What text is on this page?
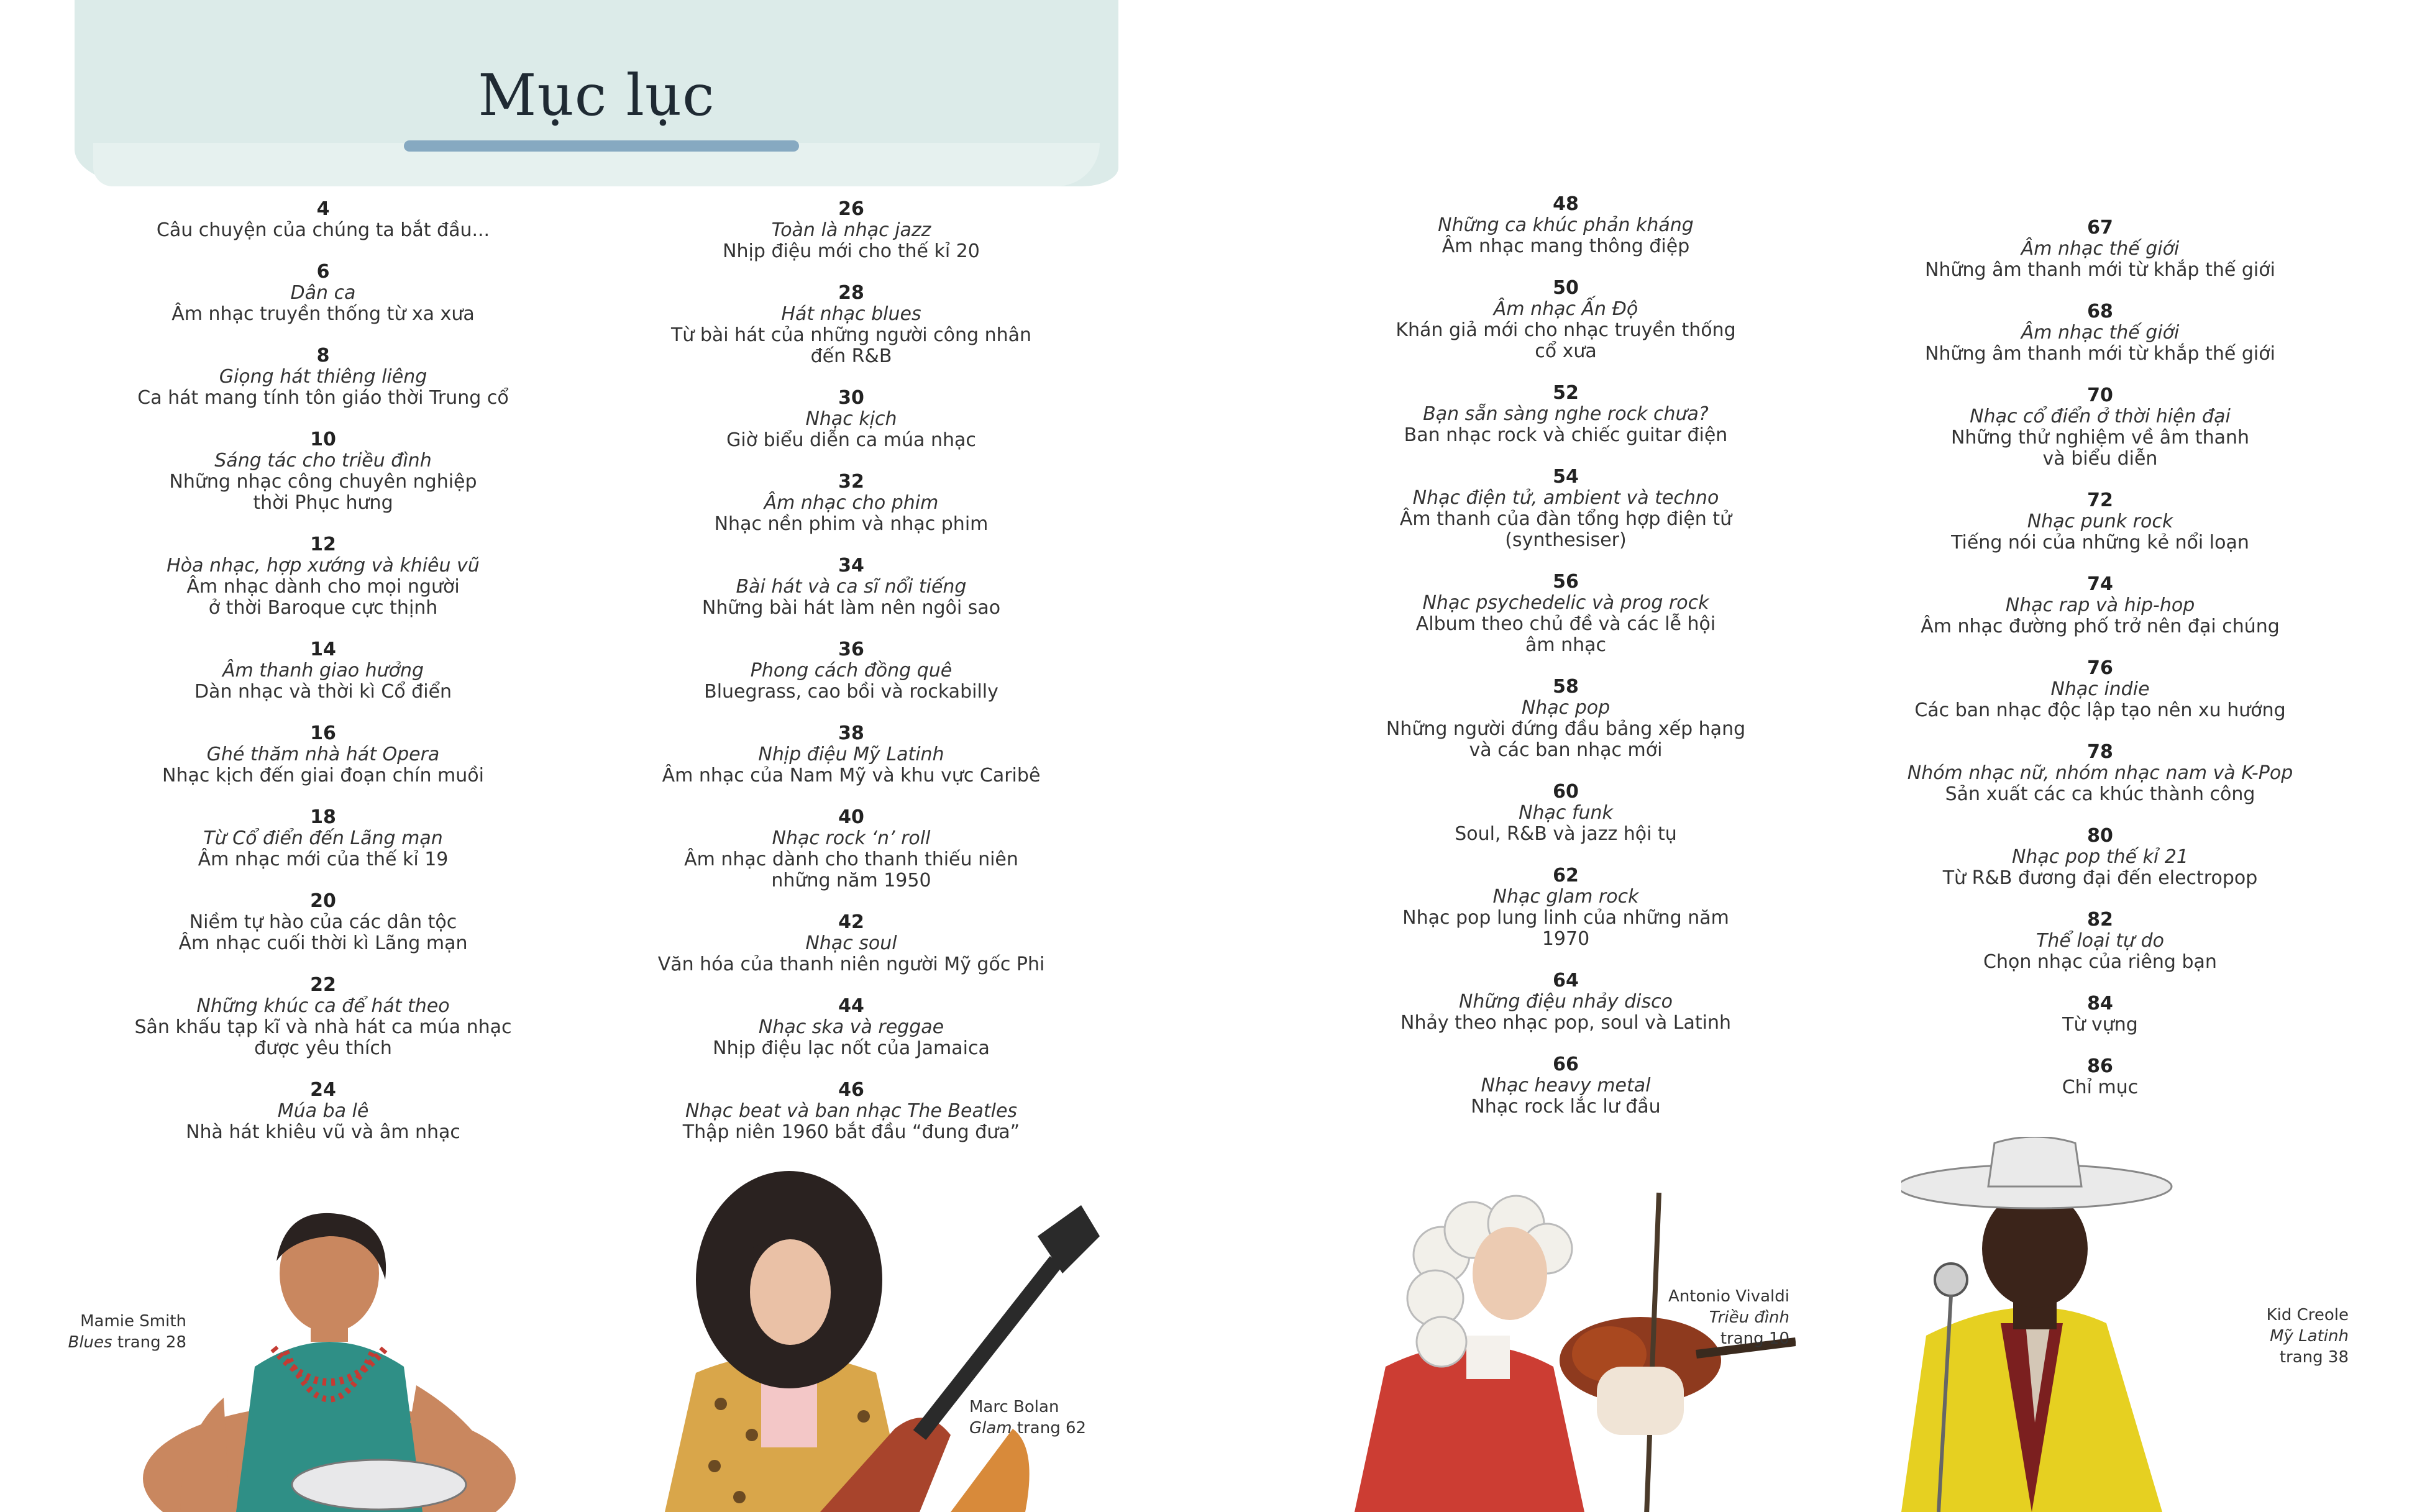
Mục lục
4
Câu chuyện của chúng ta bắt đầu...
6
Dân ca
Âm nhạc truyền thống từ xa xưa
8
Giọng hát thiêng liêng
Ca hát mang tính tôn giáo thời Trung cổ
10
Sáng tác cho triều đình
Những nhạc công chuyên nghiệp
thời Phục hưng
12
Hòa nhạc, hợp xướng và khiêu vũ
Âm nhạc dành cho mọi người
ở thời Baroque cực thịnh
14
Âm thanh giao hưởng
Dàn nhạc và thời kì Cổ điển
16
Ghé thăm nhà hát Opera
Nhạc kịch đến giai đoạn chín muồi
18
Từ Cổ điển đến Lãng mạn
Âm nhạc mới của thế kỉ 19
20
Niềm tự hào của các dân tộc
Âm nhạc cuối thời kì Lãng mạn
22
Những khúc ca để hát theo
Sân khấu tạp kĩ và nhà hát ca múa nhạc
được yêu thích
24
Múa ba lê
Nhà hát khiêu vũ và âm nhạc
26
Toàn là nhạc jazz
Nhịp điệu mới cho thế kỉ 20
28
Hát nhạc blues
Từ bài hát của những người công nhân
đến R&B
30
Nhạc kịch
Giờ biểu diễn ca múa nhạc
32
Âm nhạc cho phim
Nhạc nền phim và nhạc phim
34
Bài hát và ca sĩ nổi tiếng
Những bài hát làm nên ngôi sao
36
Phong cách đồng quê
Bluegrass, cao bồi và rockabilly
38
Nhịp điệu Mỹ Latinh
Âm nhạc của Nam Mỹ và khu vực Caribê
40
Nhạc rock ‘n’ roll
Âm nhạc dành cho thanh thiếu niên
những năm 1950
42
Nhạc soul
Văn hóa của thanh niên người Mỹ gốc Phi
44
Nhạc ska và reggae
Nhịp điệu lạc nốt của Jamaica
46
Nhạc beat và ban nhạc The Beatles
Thập niên 1960 bắt đầu “đung đưa”
48
Những ca khúc phản kháng
Âm nhạc mang thông điệp
50
Âm nhạc Ấn Độ
Khán giả mới cho nhạc truyền thống
cổ xưa
52
Bạn sẵn sàng nghe rock chưa?
Ban nhạc rock và chiếc guitar điện
54
Nhạc điện tử, ambient và techno
Âm thanh của đàn tổng hợp điện tử
(synthesiser)
56
Nhạc psychedelic và prog rock
Album theo chủ đề và các lễ hội
âm nhạc
58
Nhạc pop
Những người đứng đầu bảng xếp hạng
và các ban nhạc mới
60
Nhạc funk
Soul, R&B và jazz hội tụ
62
Nhạc glam rock
Nhạc pop lung linh của những năm
1970
64
Những điệu nhảy disco
Nhảy theo nhạc pop, soul và Latinh
66
Nhạc heavy metal
Nhạc rock lắc lư đầu
67
Âm nhạc thế giới
Những âm thanh mới từ khắp thế giới
68
Âm nhạc thế giới
Những âm thanh mới từ khắp thế giới
70
Nhạc cổ điển ở thời hiện đại
Những thử nghiệm về âm thanh
và biểu diễn
72
Nhạc punk rock
Tiếng nói của những kẻ nổi loạn
74
Nhạc rap và hip-hop
Âm nhạc đường phố trở nên đại chúng
76
Nhạc indie
Các ban nhạc độc lập tạo nên xu hướng
78
Nhóm nhạc nữ, nhóm nhạc nam và K-Pop
Sản xuất các ca khúc thành công
80
Nhạc pop thế kỉ 21
Từ R&B đương đại đến electropop
82
Thể loại tự do
Chọn nhạc của riêng bạn
84
Từ vựng
86
Chỉ mục
Mamie Smith
Blues trang 28
Marc Bolan
Glam trang 62
Antonio Vivaldi
Triều đình
trang 10
Kid Creole
Mỹ Latinh
trang 38
